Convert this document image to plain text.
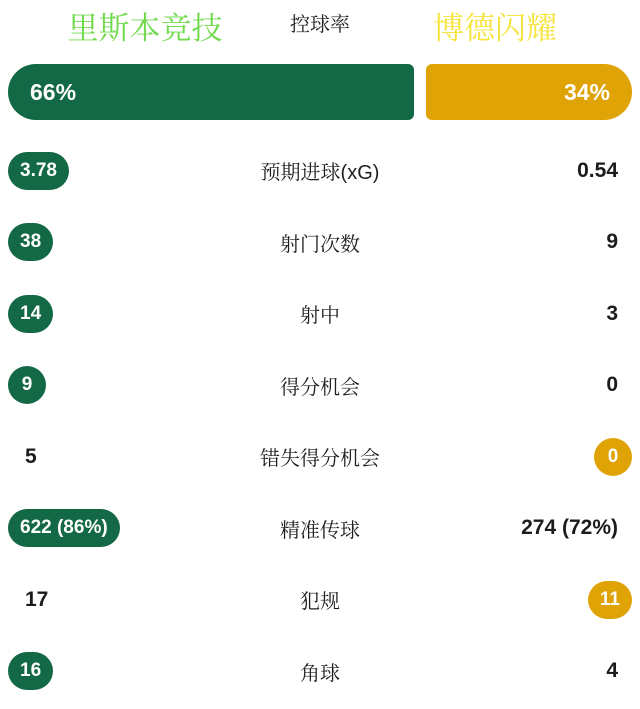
里斯本竞技	控球率	博德闪耀
66%	34%
3.78	预期进球(xG)	0.54
38	射门次数	9
14	射中	3
9	得分机会	0
5	错失得分机会	0
622 (86%)	精准传球	274 (72%)
17	犯规	11
16	角球	4
